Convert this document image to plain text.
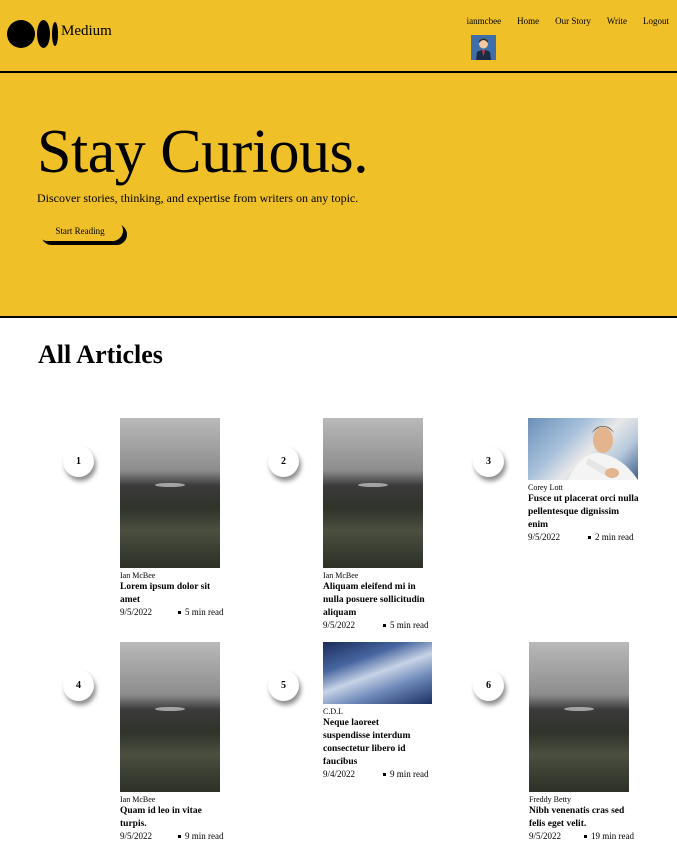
Medium
ianmcbee Home Our Story Write Logout
Stay Curious.
Discover stories, thinking, and expertise from writers on any topic.
Start Reading
All Articles
1
Ian McBee
Lorem ipsum dolor sit amet
9/5/2022	5 min read
2
Ian McBee
Aliquam eleifend mi in nulla posuere sollicitudin aliquam
9/5/2022	5 min read
3
Corey Lott
Fusce ut placerat orci nulla pellentesque dignissim enim
9/5/2022	2 min read
4
Ian McBee
Quam id leo in vitae turpis.
9/5/2022	9 min read
5
C.D.L
Neque laoreet suspendisse interdum consectetur libero id faucibus
9/4/2022	9 min read
6
Freddy Betty
Nibh venenatis cras sed felis eget velit.
9/5/2022	19 min read
